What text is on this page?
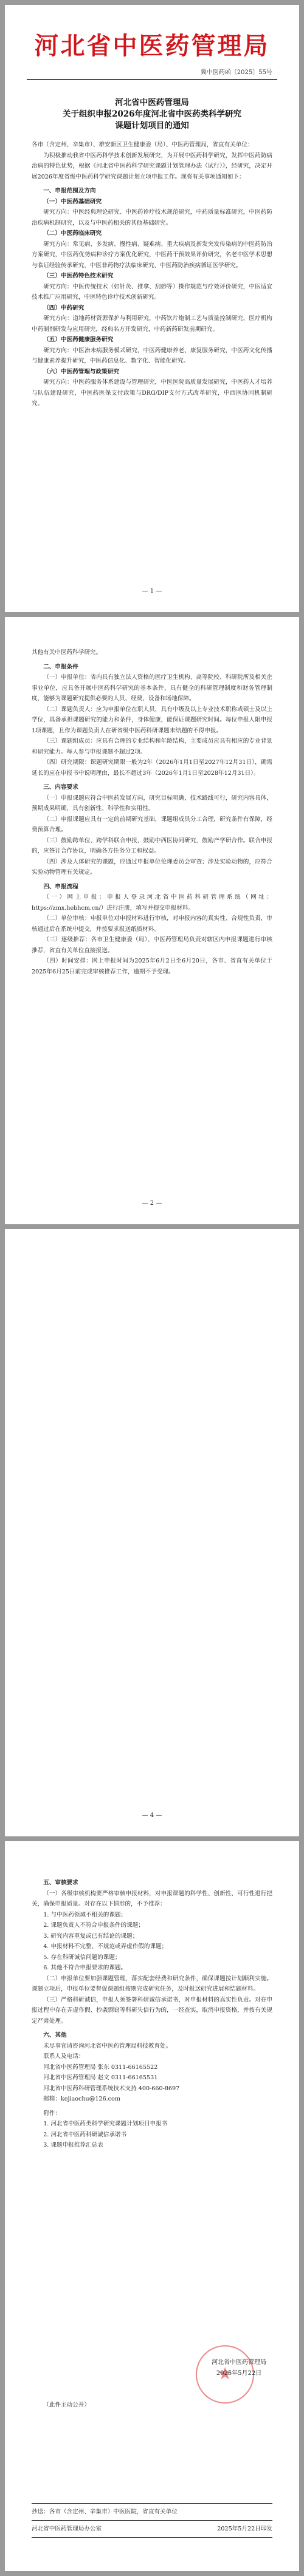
河北省中医药管理局
冀中医药函〔2025〕55号
河北省中医药管理局
关于组织申报2026年度河北省中医药类科学研究
课题计划项目的通知

各市（含定州、辛集市）、雄安新区卫生健康委（局）、中医药管理局，省直有关单位：

为积极推动我省中医药科学技术创新发展研究，为开展中医药科学研究，发挥中医药防病治病的特色优势，根据《河北省中医药科学研究课题计划管理办法（试行）》，经研究，决定开展2026年度省级中医药科学研究课题计划立项申报工作。现将有关事项通知如下：

一、申报范围及方向

（一）中医药基础研究

研究方向：中医经典理论研究、中医药诊疗技术规范研究，中药质量标准研究，中医药防治疾病机制研究，以及与中医药相关的其他基础研究。

（二）中医药临床研究

研究方向：常见病、多发病、慢性病、疑难病、重大疾病及新发突发传染病的中医药防治方案研究，中医药优势病种诊疗方案优化研究，中医药干预效果评价研究，名老中医学术思想与临证经验传承研究，中医非药物疗法临床研究，中医药防治疾病循证医学研究。

（三）中医药特色技术研究

研究方向：中医传统技术（如针灸、推拿、刮痧等）操作规范与疗效评价研究，中医适宜技术推广应用研究，中医特色诊疗技术创新研究。

（四）中药研究

研究方向：道地药材资源保护与利用研究，中药饮片炮制工艺与质量控制研究，医疗机构中药制剂研发与应用研究，经典名方开发研究，中药新药研发前期研究。

（五）中医药健康服务研究

研究方向：中医治未病服务模式研究，中医药健康养老、康复服务研究，中医药文化传播与健康素养提升研究，中医药信息化、数字化、智能化研究。

（六）中医药管理与政策研究

研究方向：中医药服务体系建设与管理研究，中医医院高质量发展研究，中医药人才培养与队伍建设研究，中医药医保支付政策与DRG/DIP支付方式改革研究，中西医协同机制研究。

— 1 —

其他有关中医药科学研究。

二、申报条件

（一）申报单位：省内具有独立法人资格的医疗卫生机构、高等院校、科研院所及相关企事业单位，应具备开展中医药科学研究的基本条件，具有健全的科研管理制度和财务管理制度，能够为课题研究提供必要的人员、经费、设备和场地保障。

（二）课题负责人：应为申报单位在职人员，具有中级及以上专业技术职称或硕士及以上学位，具备承担课题研究的能力和条件，身体健康，能保证课题研究时间。每位申报人限申报1项课题，且作为课题负责人在研省级中医药科研课题未结题的不得申报。

（三）课题组成员：应具有合理的专业结构和年龄结构，主要成员应具有相应的专业背景和研究能力。每人参与申报课题不超过2项。

（四）研究期限：课题研究期限一般为2年（2026年1月1日至2027年12月31日），确需延长的应在申报书中说明理由，最长不超过3年（2026年1月1日至2028年12月31日）。

三、内容要求

（一）申报课题应符合中医药发展方向，研究目标明确，技术路线可行，研究内容具体，预期成果明确，具有创新性、科学性和实用性。

（二）申报课题应具有一定的前期研究基础，课题组成员分工合理，研究条件有保障，经费预算合理。

（三）鼓励跨单位、跨学科联合申报，鼓励中西医协同研究，鼓励产学研合作。联合申报的，应签订合作协议，明确各方任务分工和权益。

（四）涉及人体研究的课题，应通过申报单位伦理委员会审查；涉及实验动物的，应符合实验动物管理有关规定。

四、申报流程

（一）网上申报：申报人登录河北省中医药科研管理系统（网址：https://zmx.hebhcm.cn/）进行注册，填写并提交申报材料。

（二）单位审核：申报单位对申报材料进行审核，对申报内容的真实性、合规性负责，审核通过后在系统中提交，并按要求报送纸质材料。

（三）逐级推荐：各市卫生健康委（局）、中医药管理局负责对辖区内申报课题进行审核推荐，省直有关单位直接报送。

（四）时间安排：网上申报时间为2025年6月2日至6月20日，各市、省直有关单位于2025年6月25日前完成审核推荐工作，逾期不予受理。

— 2 —
— 4 —

五、审核要求

（一）各级审核机构要严格审核申报材料，对申报课题的科学性、创新性、可行性进行把关，确保申报质量。对存在以下情形的，不予推荐：

1. 与中医药领域不相关的课题；

2. 课题负责人不符合申报条件的课题；

3. 研究内容重复或已有结论的课题；

4. 申报材料不完整、不规范或弄虚作假的课题；

5. 存在科研诚信问题的课题；

6. 其他不符合申报要求的课题。

（二）申报单位要加强课题管理，落实配套经费和研究条件，确保课题按计划顺利实施。课题立项后，申报单位要督促课题组按期完成研究任务，及时报送研究进展和结题材料。

（三）严格科研诚信，申报人须签署科研诚信承诺书，对申报材料的真实性负责。对在申报过程中存在弄虚作假、抄袭剽窃等科研失信行为的，一经查实，取消申报资格，并按有关规定严肃处理。

六、其他

未尽事宜请咨询河北省中医药管理局科技教育处。

联系人及电话：

河北省中医药管理局 张东 0311-66165522

河北省中医药管理局 赵文 0311-66165531

河北省中医药科研管理系统技术支持 400-660-8697

邮箱：kejiaochu@126.com

附件：

1. 河北省中医药类科学研究课题计划项目申报书

2. 河北省中医药科研诚信承诺书

3. 课题申报推荐汇总表

★
河北省中医药管理局
2025年5月22日

（此件主动公开）

抄送：各市（含定州、辛集市）中医医院，省直有关单位
河北省中医药管理局办公室	2025年5月22日印发
